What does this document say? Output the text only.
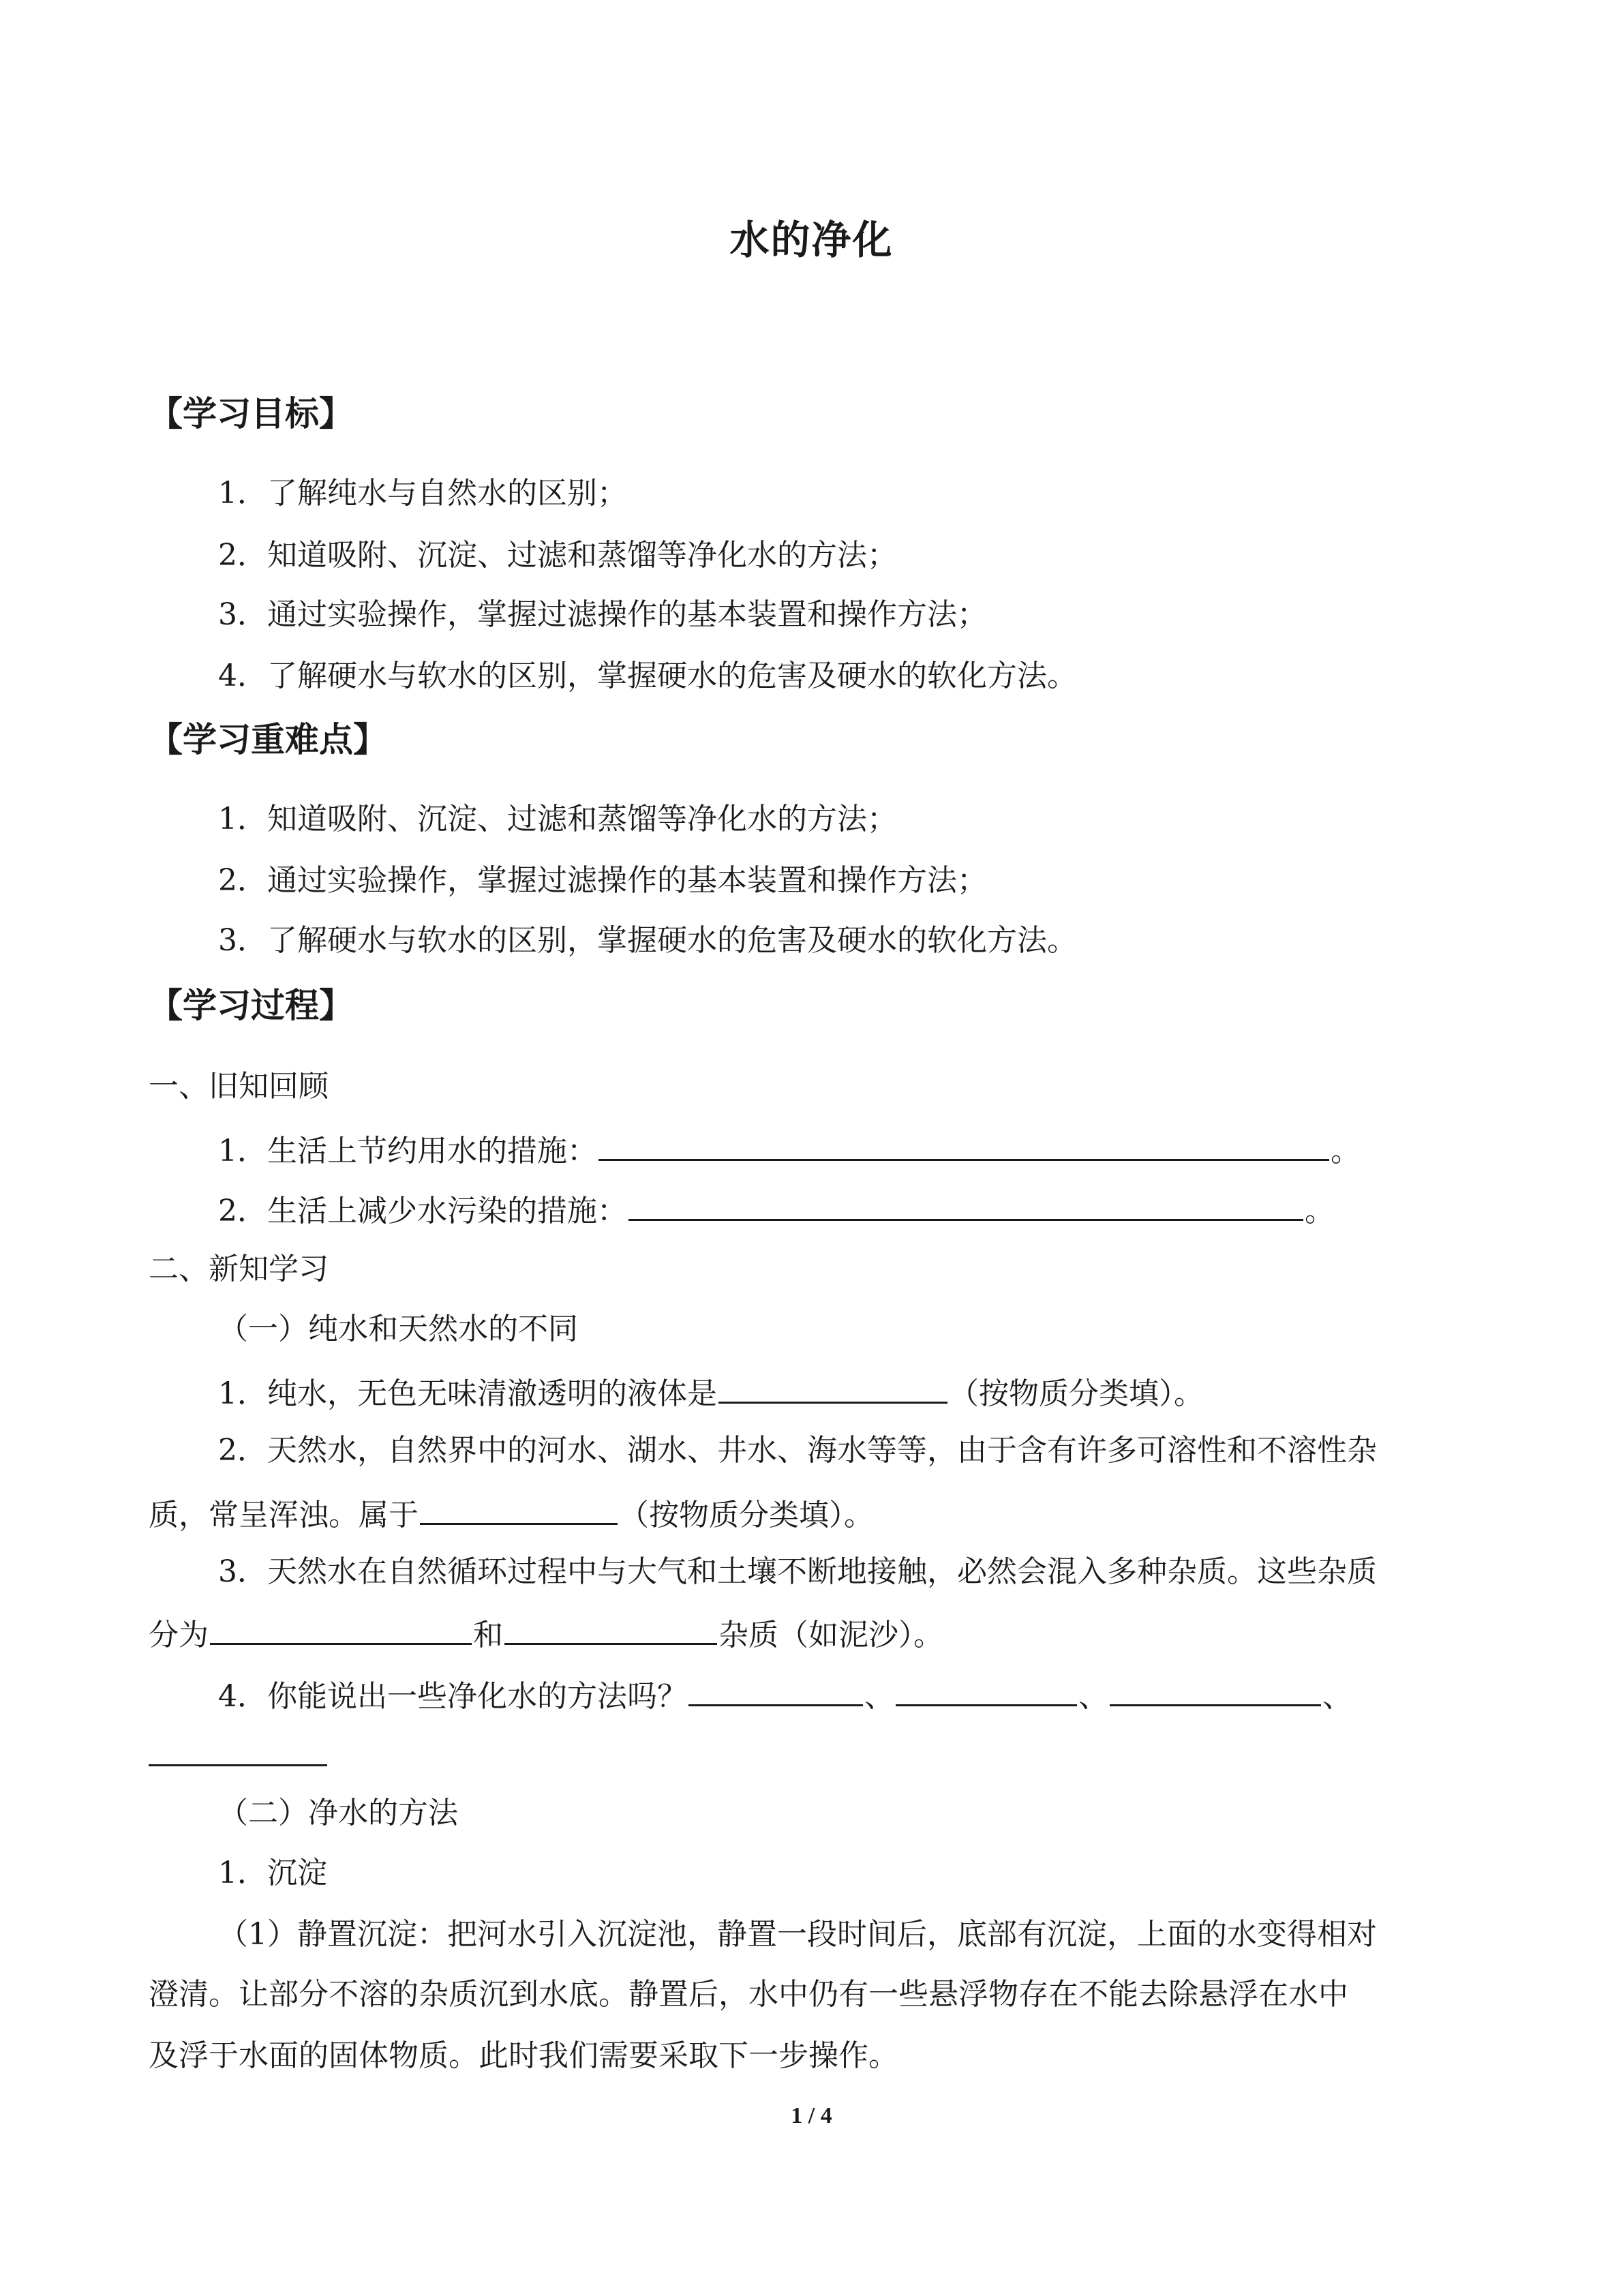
水的净化
【学习目标】
1．了解纯水与自然水的区别；
2．知道吸附、沉淀、过滤和蒸馏等净化水的方法；
3．通过实验操作，掌握过滤操作的基本装置和操作方法；
4．了解硬水与软水的区别，掌握硬水的危害及硬水的软化方法。
【学习重难点】
1．知道吸附、沉淀、过滤和蒸馏等净化水的方法；
2．通过实验操作，掌握过滤操作的基本装置和操作方法；
3．了解硬水与软水的区别，掌握硬水的危害及硬水的软化方法。
【学习过程】
一、旧知回顾
1．生活上节约用水的措施：	。
2．生活上减少水污染的措施：	。
二、新知学习
（一）纯水和天然水的不同
1．纯水，无色无味清澈透明的液体是	（按物质分类填）。
2．天然水，自然界中的河水、湖水、井水、海水等等，由于含有许多可溶性和不溶性杂
质，常呈浑浊。属于	（按物质分类填）。
3．天然水在自然循环过程中与大气和土壤不断地接触，必然会混入多种杂质。这些杂质
分为	和	杂质（如泥沙）。
4．你能说出一些净化水的方法吗？	、	、	、
（二）净水的方法
1．沉淀
（1）静置沉淀：把河水引入沉淀池，静置一段时间后，底部有沉淀，上面的水变得相对
澄清。让部分不溶的杂质沉到水底。静置后，水中仍有一些悬浮物存在不能去除悬浮在水中
及浮于水面的固体物质。此时我们需要采取下一步操作。
1 / 4
